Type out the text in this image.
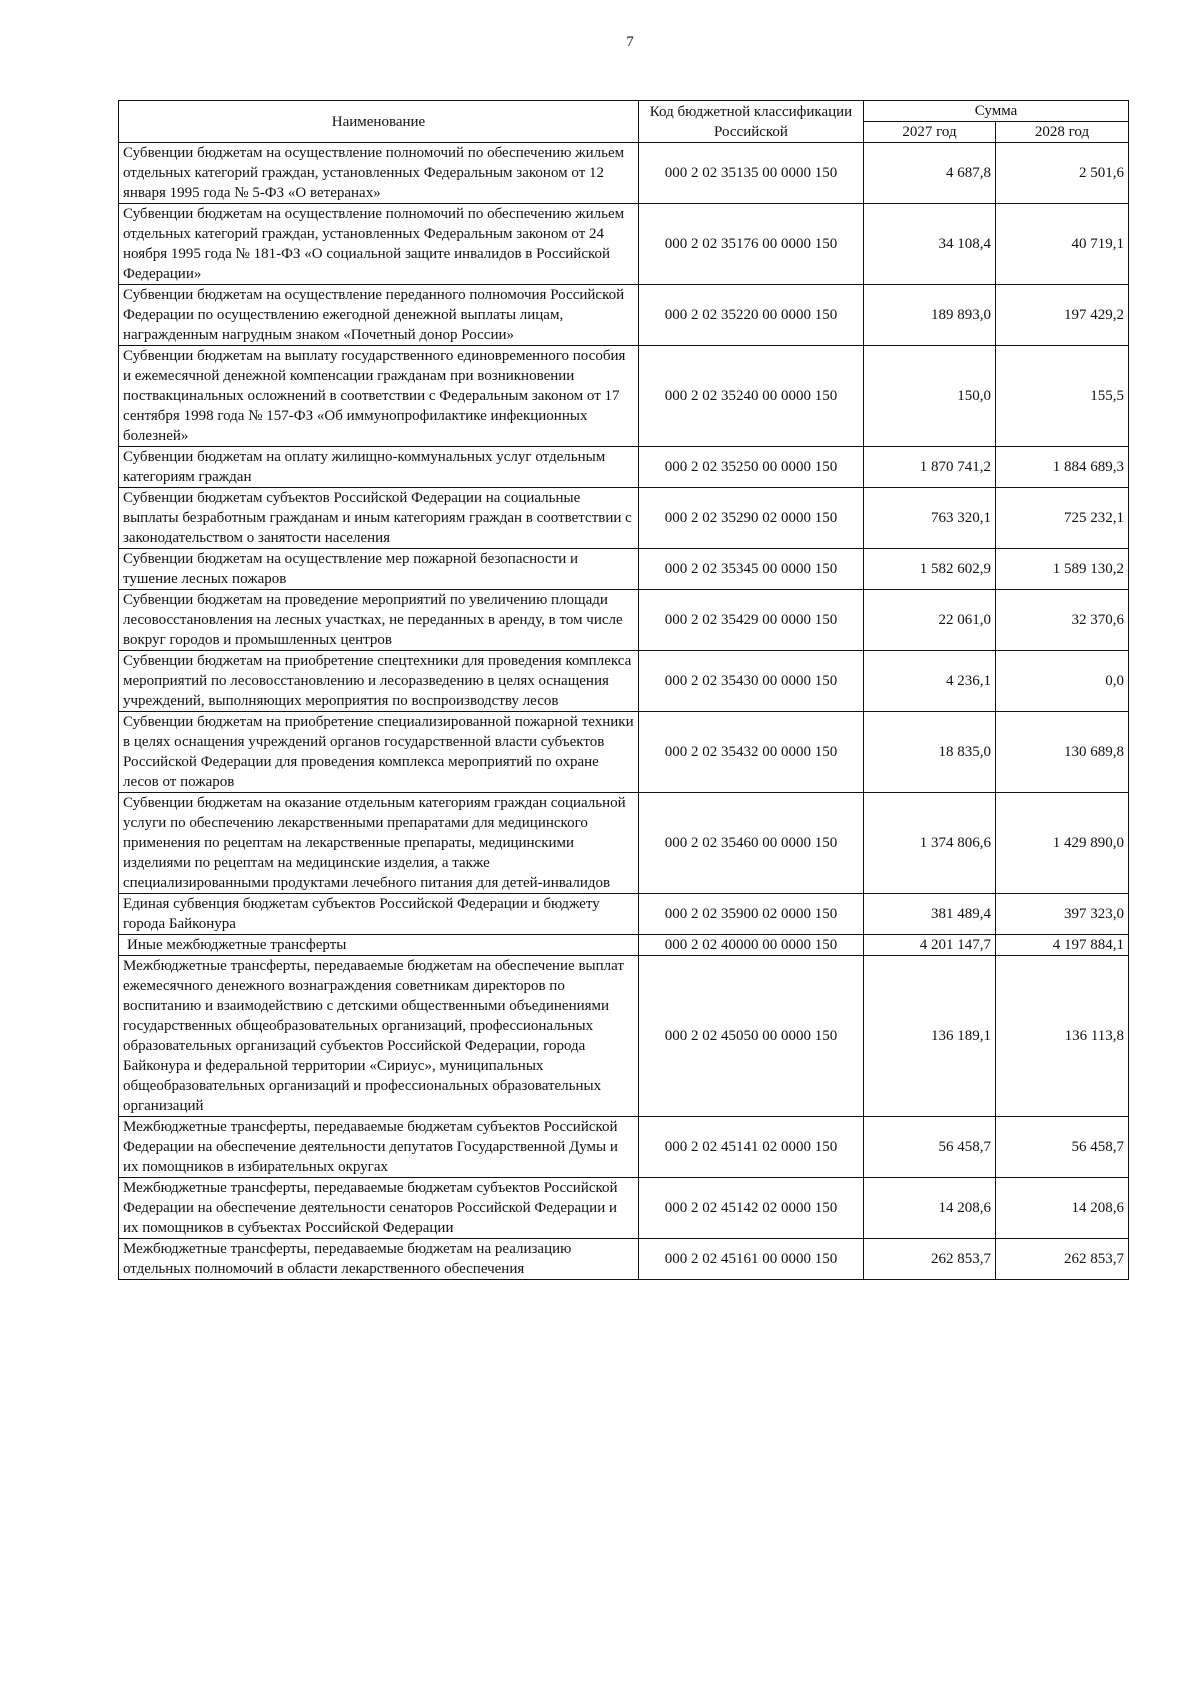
7
Наименование	Код бюджетной классификации Российской	Сумма	
		2027 год	2028 год
Субвенции бюджетам на осуществление полномочий по обеспечению жильем отдельных категорий граждан, установленных Федеральным законом от 12 января 1995 года № 5-ФЗ «О ветеранах»	000 2 02 35135 00 0000 150	4 687,8	2 501,6
Субвенции бюджетам на осуществление полномочий по обеспечению жильем отдельных категорий граждан, установленных Федеральным законом от 24 ноября 1995 года № 181-ФЗ «О социальной защите инвалидов в Российской Федерации»	000 2 02 35176 00 0000 150	34 108,4	40 719,1
Субвенции бюджетам на осуществление переданного полномочия Российской Федерации по осуществлению ежегодной денежной выплаты лицам, награжденным нагрудным знаком «Почетный донор России»	000 2 02 35220 00 0000 150	189 893,0	197 429,2
Субвенции бюджетам на выплату государственного единовременного пособия и ежемесячной денежной компенсации гражданам при возникновении поствакцинальных осложнений в соответствии с Федеральным законом от 17 сентября 1998 года № 157-ФЗ «Об иммунопрофилактике инфекционных болезней»	000 2 02 35240 00 0000 150	150,0	155,5
Субвенции бюджетам на оплату жилищно-коммунальных услуг отдельным категориям граждан	000 2 02 35250 00 0000 150	1 870 741,2	1 884 689,3
Субвенции бюджетам субъектов Российской Федерации на социальные выплаты безработным гражданам и иным категориям граждан в соответствии с законодательством о занятости населения	000 2 02 35290 02 0000 150	763 320,1	725 232,1
Субвенции бюджетам на осуществление мер пожарной безопасности и тушение лесных пожаров	000 2 02 35345 00 0000 150	1 582 602,9	1 589 130,2
Субвенции бюджетам на проведение мероприятий по увеличению площади лесовосстановления на лесных участках, не переданных в аренду, в том числе вокруг городов и промышленных центров	000 2 02 35429 00 0000 150	22 061,0	32 370,6
Субвенции бюджетам на приобретение спецтехники для проведения комплекса мероприятий по лесовосстановлению и лесоразведению в целях оснащения учреждений, выполняющих мероприятия по воспроизводству лесов	000 2 02 35430 00 0000 150	4 236,1	0,0
Субвенции бюджетам на приобретение специализированной пожарной техники в целях оснащения учреждений органов государственной власти субъектов Российской Федерации для проведения комплекса мероприятий по охране лесов от пожаров	000 2 02 35432 00 0000 150	18 835,0	130 689,8
Субвенции бюджетам на оказание отдельным категориям граждан социальной услуги по обеспечению лекарственными препаратами для медицинского применения по рецептам на лекарственные препараты, медицинскими изделиями по рецептам на медицинские изделия, а также специализированными продуктами лечебного питания для детей-инвалидов	000 2 02 35460 00 0000 150	1 374 806,6	1 429 890,0
Единая субвенция бюджетам субъектов Российской Федерации и бюджету города Байконура	000 2 02 35900 02 0000 150	381 489,4	397 323,0
Иные межбюджетные трансферты	000 2 02 40000 00 0000 150	4 201 147,7	4 197 884,1
Межбюджетные трансферты, передаваемые бюджетам на обеспечение выплат ежемесячного денежного вознаграждения советникам директоров по воспитанию и взаимодействию с детскими общественными объединениями государственных общеобразовательных организаций, профессиональных образовательных организаций субъектов Российской Федерации, города Байконура и федеральной территории «Сириус», муниципальных общеобразовательных организаций и профессиональных образовательных организаций	000 2 02 45050 00 0000 150	136 189,1	136 113,8
Межбюджетные трансферты, передаваемые бюджетам субъектов Российской Федерации на обеспечение деятельности депутатов Государственной Думы и их помощников в избирательных округах	000 2 02 45141 02 0000 150	56 458,7	56 458,7
Межбюджетные трансферты, передаваемые бюджетам субъектов Российской Федерации на обеспечение деятельности сенаторов Российской Федерации и их помощников в субъектах Российской Федерации	000 2 02 45142 02 0000 150	14 208,6	14 208,6
Межбюджетные трансферты, передаваемые бюджетам на реализацию отдельных полномочий в области лекарственного обеспечения	000 2 02 45161 00 0000 150	262 853,7	262 853,7
